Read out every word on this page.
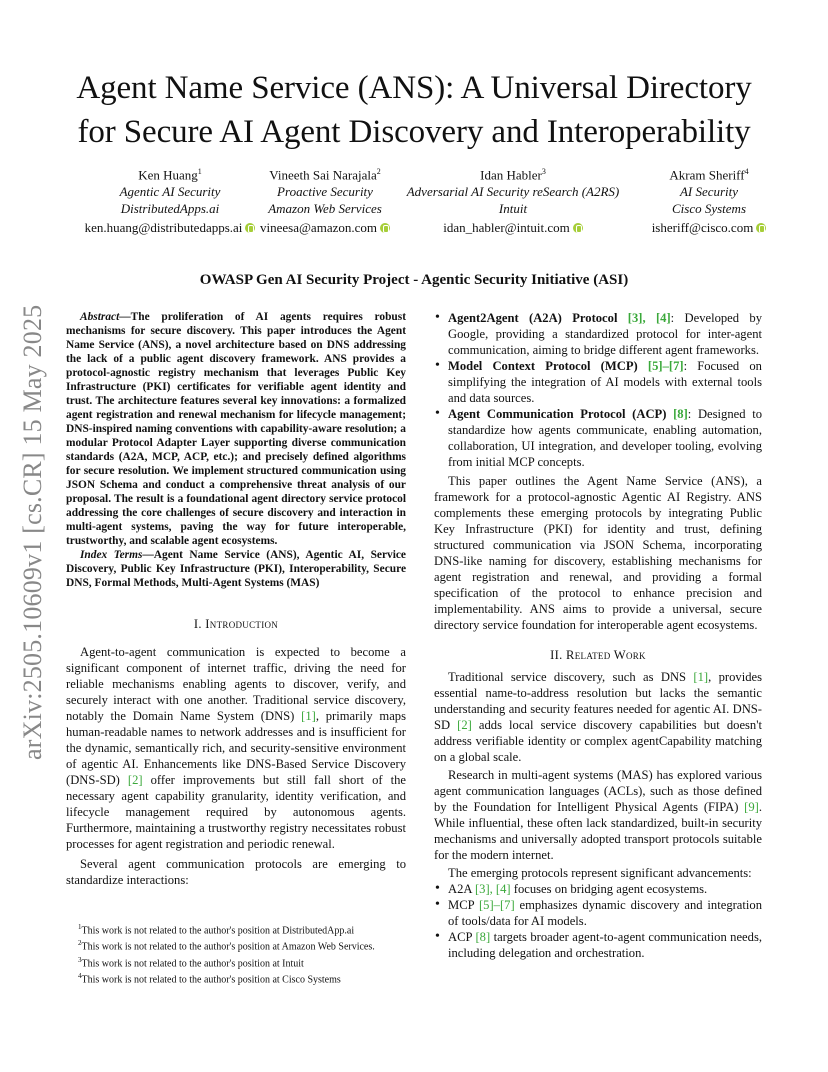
Agent Name Service (ANS): A Universal Directory
for Secure AI Agent Discovery and Interoperability
Ken Huang$^1$
Agentic AI Security
DistributedApps.ai
ken.huang@distributedapps.ai
Vineeth Sai Narajala$^2$
Proactive Security
Amazon Web Services
vineesa@amazon.com
Idan Habler$^3$
Adversarial AI Security reSearch (A2RS)
Intuit
idan_habler@intuit.com
Akram Sheriff$^4$
AI Security
Cisco Systems
isheriff@cisco.com
arXiv:2505.10609v1 [cs.CR] 15 May 2025
OWASP Gen AI Security Project - Agentic Security Initiative (ASI)

Abstract—The proliferation of AI agents requires robust mechanisms for secure discovery. This paper introduces the Agent Name Service (ANS), a novel architecture based on DNS addressing the lack of a public agent discovery framework. ANS provides a protocol-agnostic registry mechanism that leverages Public Key Infrastructure (PKI) certificates for verifiable agent identity and trust. The architecture features several key innovations: a formalized agent registration and renewal mechanism for lifecycle management; DNS-inspired naming conventions with capability-aware resolution; a modular Protocol Adapter Layer supporting diverse communication standards (A2A, MCP, ACP, etc.); and precisely defined algorithms for secure resolution. We implement structured communication using JSON Schema and conduct a comprehensive threat analysis of our proposal. The result is a foundational agent directory service protocol addressing the core challenges of secure discovery and interaction in multi-agent systems, paving the way for future interoperable, trustworthy, and scalable agent ecosystems.

Index Terms—Agent Name Service (ANS), Agentic AI, Service Discovery, Public Key Infrastructure (PKI), Interoperability, Secure DNS, Formal Methods, Multi-Agent Systems (MAS)

I. Introduction

Agent-to-agent communication is expected to become a significant component of internet traffic, driving the need for reliable mechanisms enabling agents to discover, verify, and securely interact with one another. Traditional service discovery, notably the Domain Name System (DNS) [1], primarily maps human-readable names to network addresses and is insufficient for the dynamic, semantically rich, and security-sensitive environment of agentic AI. Enhancements like DNS-Based Service Discovery (DNS-SD) [2] offer improvements but still fall short of the necessary agent capability granularity, identity verification, and lifecycle management required by autonomous agents. Furthermore, maintaining a trustworthy registry necessitates robust processes for agent registration and periodic renewal.

Several agent communication protocols are emerging to standardize interactions:

$^1$This work is not related to the author's position at DistributedApp.ai
$^2$This work is not related to the author's position at Amazon Web Services.
$^3$This work is not related to the author's position at Intuit
$^4$This work is not related to the author's position at Cisco Systems
• Agent2Agent (A2A) Protocol [3], [4]: Developed by Google, providing a standardized protocol for inter-agent communication, aiming to bridge different agent frameworks.
• Model Context Protocol (MCP) [5]–[7]: Focused on simplifying the integration of AI models with external tools and data sources.
• Agent Communication Protocol (ACP) [8]: Designed to standardize how agents communicate, enabling automation, collaboration, UI integration, and developer tooling, evolving from initial MCP concepts.

This paper outlines the Agent Name Service (ANS), a framework for a protocol-agnostic Agentic AI Registry. ANS complements these emerging protocols by integrating Public Key Infrastructure (PKI) for identity and trust, defining structured communication via JSON Schema, incorporating DNS-like naming for discovery, establishing mechanisms for agent registration and renewal, and providing a formal specification of the protocol to enhance precision and implementability. ANS aims to provide a universal, secure directory service foundation for interoperable agent ecosystems.

II. Related Work

Traditional service discovery, such as DNS [1], provides essential name-to-address resolution but lacks the semantic understanding and security features needed for agentic AI. DNS-SD [2] adds local service discovery capabilities but doesn't address verifiable identity or complex agentCapability matching on a global scale.

Research in multi-agent systems (MAS) has explored various agent communication languages (ACLs), such as those defined by the Foundation for Intelligent Physical Agents (FIPA) [9]. While influential, these often lack standardized, built-in security mechanisms and universally adopted transport protocols suitable for the modern internet.

The emerging protocols represent significant advancements:

• A2A [3], [4] focuses on bridging agent ecosystems.
• MCP [5]–[7] emphasizes dynamic discovery and integration of tools/data for AI models.
• ACP [8] targets broader agent-to-agent communication needs, including delegation and orchestration.
